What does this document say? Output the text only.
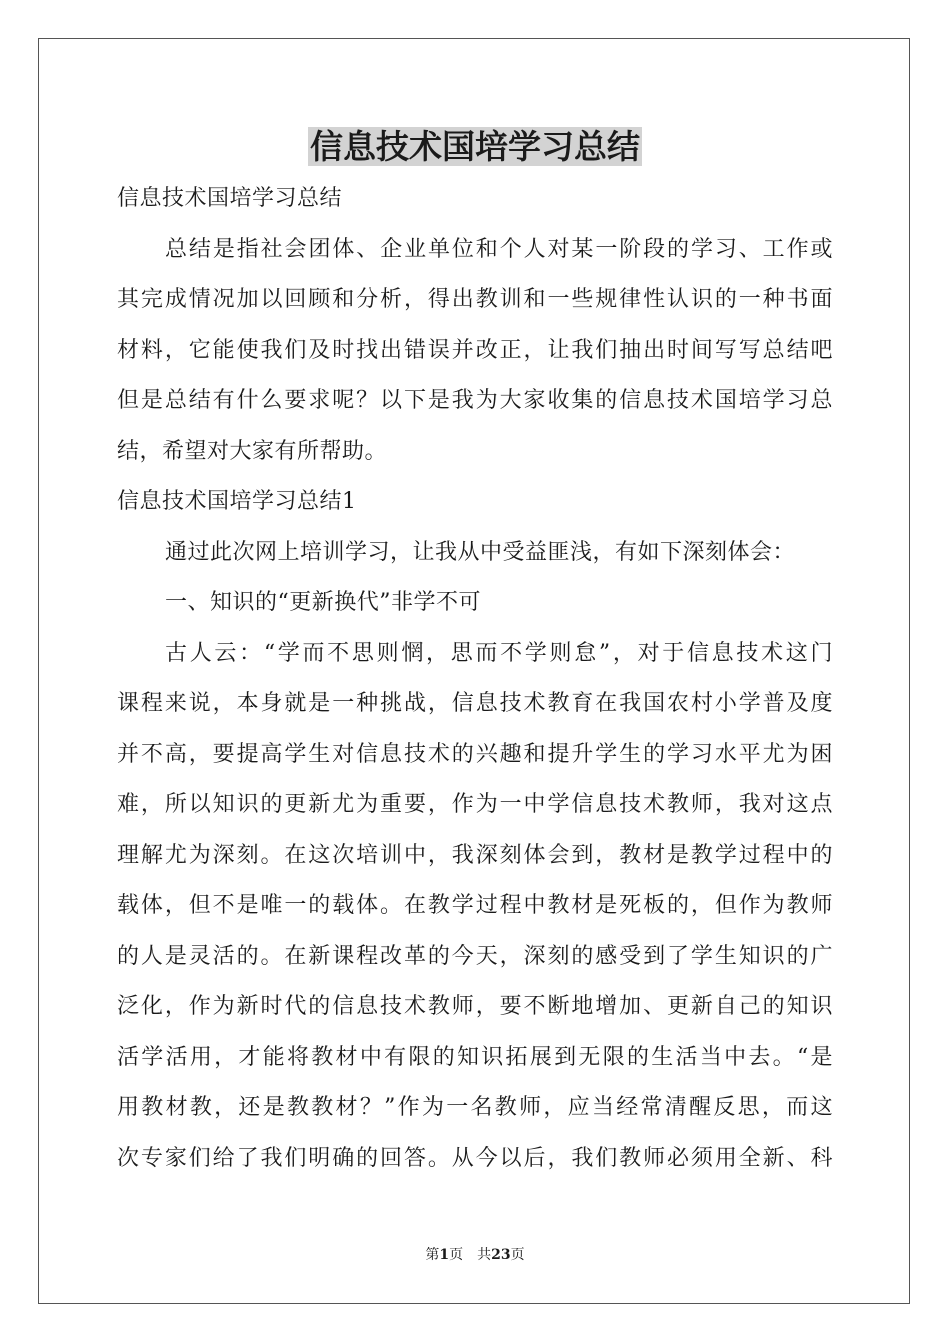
信息技术国培学习总结
信息技术国培学习总结
总结是指社会团体、企业单位和个人对某一阶段的学习、工作或
其完成情况加以回顾和分析，得出教训和一些规律性认识的一种书面
材料，它能使我们及时找出错误并改正，让我们抽出时间写写总结吧
但是总结有什么要求呢？以下是我为大家收集的信息技术国培学习总
结，希望对大家有所帮助。
信息技术国培学习总结1
通过此次网上培训学习，让我从中受益匪浅，有如下深刻体会：
一、知识的“更新换代”非学不可
古人云：“学而不思则惘，思而不学则怠”，对于信息技术这门
课程来说，本身就是一种挑战，信息技术教育在我国农村小学普及度
并不高，要提高学生对信息技术的兴趣和提升学生的学习水平尤为困
难，所以知识的更新尤为重要，作为一中学信息技术教师，我对这点
理解尤为深刻。在这次培训中，我深刻体会到，教材是教学过程中的
载体，但不是唯一的载体。在教学过程中教材是死板的，但作为教师
的人是灵活的。在新课程改革的今天，深刻的感受到了学生知识的广
泛化，作为新时代的信息技术教师，要不断地增加、更新自己的知识
活学活用，才能将教材中有限的知识拓展到无限的生活当中去。“是
用教材教，还是教教材？”作为一名教师，应当经常清醒反思，而这
次专家们给了我们明确的回答。从今以后，我们教师必须用全新、科
第1页 共23页
